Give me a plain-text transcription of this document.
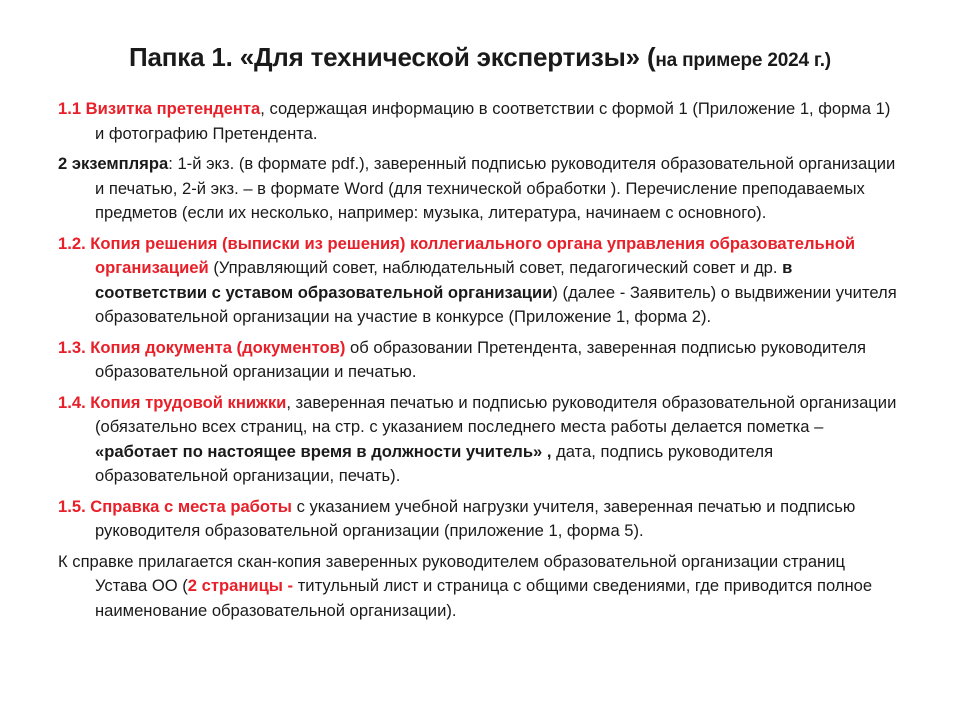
Папка 1. «Для технической экспертизы» (на примере 2024 г.)

1.1 Визитка претендента, содержащая информацию в соответствии с формой 1 (Приложение 1, форма 1) и фотографию Претендента.

2 экземпляра: 1-й экз. (в формате pdf.), заверенный подписью руководителя образовательной организации и печатью, 2-й экз. – в формате Word (для технической обработки ). Перечисление преподаваемых предметов (если их несколько, например: музыка, литература, начинаем с основного).

1.2. Копия решения (выписки из решения) коллегиального органа управления образовательной организацией (Управляющий совет, наблюдательный совет, педагогический совет и др. в соответствии с уставом образовательной организации) (далее - Заявитель) о выдвижении учителя образовательной организации на участие в конкурсе (Приложение 1, форма 2).

1.3. Копия документа (документов) об образовании Претендента, заверенная подписью руководителя образовательной организации и печатью.

1.4. Копия трудовой книжки, заверенная печатью и подписью руководителя образовательной организации (обязательно всех страниц, на стр. с указанием последнего места работы делается пометка – «работает по настоящее время в должности учитель» , дата, подпись руководителя образовательной организации, печать).

1.5. Справка с места работы с указанием учебной нагрузки учителя, заверенная печатью и подписью руководителя образовательной организации (приложение 1, форма 5).

К справке прилагается скан-копия заверенных руководителем образовательной организации страниц Устава ОО (2 страницы - титульный лист и страница с общими сведениями, где приводится полное наименование образовательной организации).
